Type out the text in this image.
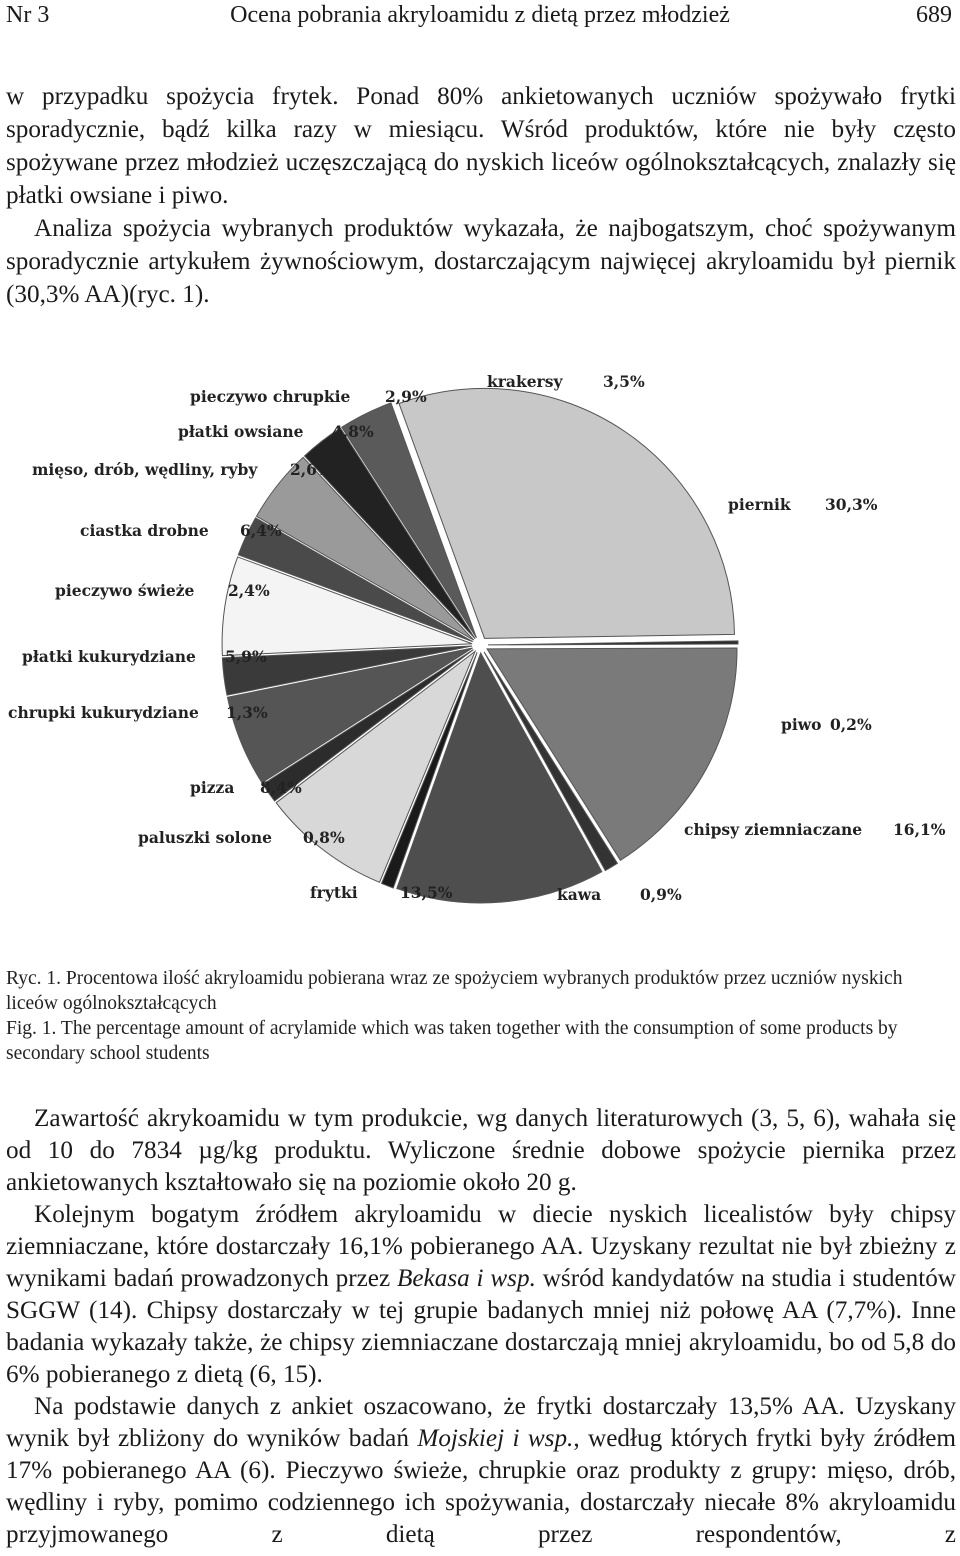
Nr 3	Ocena pobrania akryloamidu z dietą przez młodzież	689

w przypadku spożycia frytek. Ponad 80% ankietowanych uczniów spożywało frytki sporadycznie, bądź kilka razy w miesiącu. Wśród produktów, które nie były często spożywane przez młodzież uczęszczającą do nyskich liceów ogólnokształcących, znalazły się płatki owsiane i piwo.

Analiza spożycia wybranych produktów wykazała, że najbogatszym, choć spożywanym sporadycznie artykułem żywnościowym, dostarczającym najwięcej akryloamidu był piernik (30,3% AA)(ryc. 1).

piernik 30,3%
piwo 0,2%
chipsy ziemniaczane 16,1%
kawa	0,9%
frytki	13,5%
paluszki solone 0,8%
pizza 8,4%
chrupki kukurydziane 1,3%
płatki kukurydziane 5,9%
pieczywo świeże 2,4%
ciastka drobne 6,4%
mięso, drób, wędliny, ryby 2,6%
płatki owsiane 4,8%
pieczywo chrupkie 2,9%
krakersy	3,5%

Ryc. 1. Procentowa ilość akryloamidu pobierana wraz ze spożyciem wybranych produktów przez uczniów nyskich liceów ogólnokształcących

Fig. 1. The percentage amount of acrylamide which was taken together with the consumption of some products by secondary school students

Zawartość akrykoamidu w tym produkcie, wg danych literaturowych (3, 5, 6), wahała się od 10 do 7834 µg/kg produktu. Wyliczone średnie dobowe spożycie piernika przez ankietowanych kształtowało się na poziomie około 20 g.

Kolejnym bogatym źródłem akryloamidu w diecie nyskich licealistów były chipsy ziemniaczane, które dostarczały 16,1% pobieranego AA. Uzyskany rezultat nie był zbieżny z wynikami badań prowadzonych przez Bekasa i wsp. wśród kandydatów na studia i studentów SGGW (14). Chipsy dostarczały w tej grupie badanych mniej niż połowę AA (7,7%). Inne badania wykazały także, że chipsy ziemniaczane dostarczają mniej akryloamidu, bo od 5,8 do 6% pobieranego z dietą (6, 15).

Na podstawie danych z ankiet oszacowano, że frytki dostarczały 13,5% AA. Uzyskany wynik był zbliżony do wyników badań Mojskiej i wsp., według których frytki były źródłem 17% pobieranego AA (6). Pieczywo świeże, chrupkie oraz produkty z grupy: mięso, drób, wędliny i ryby, pomimo codziennego ich spożywania, dostarczały niecałe 8% akryloamidu przyjmowanego z dietą przez respondentów, z
